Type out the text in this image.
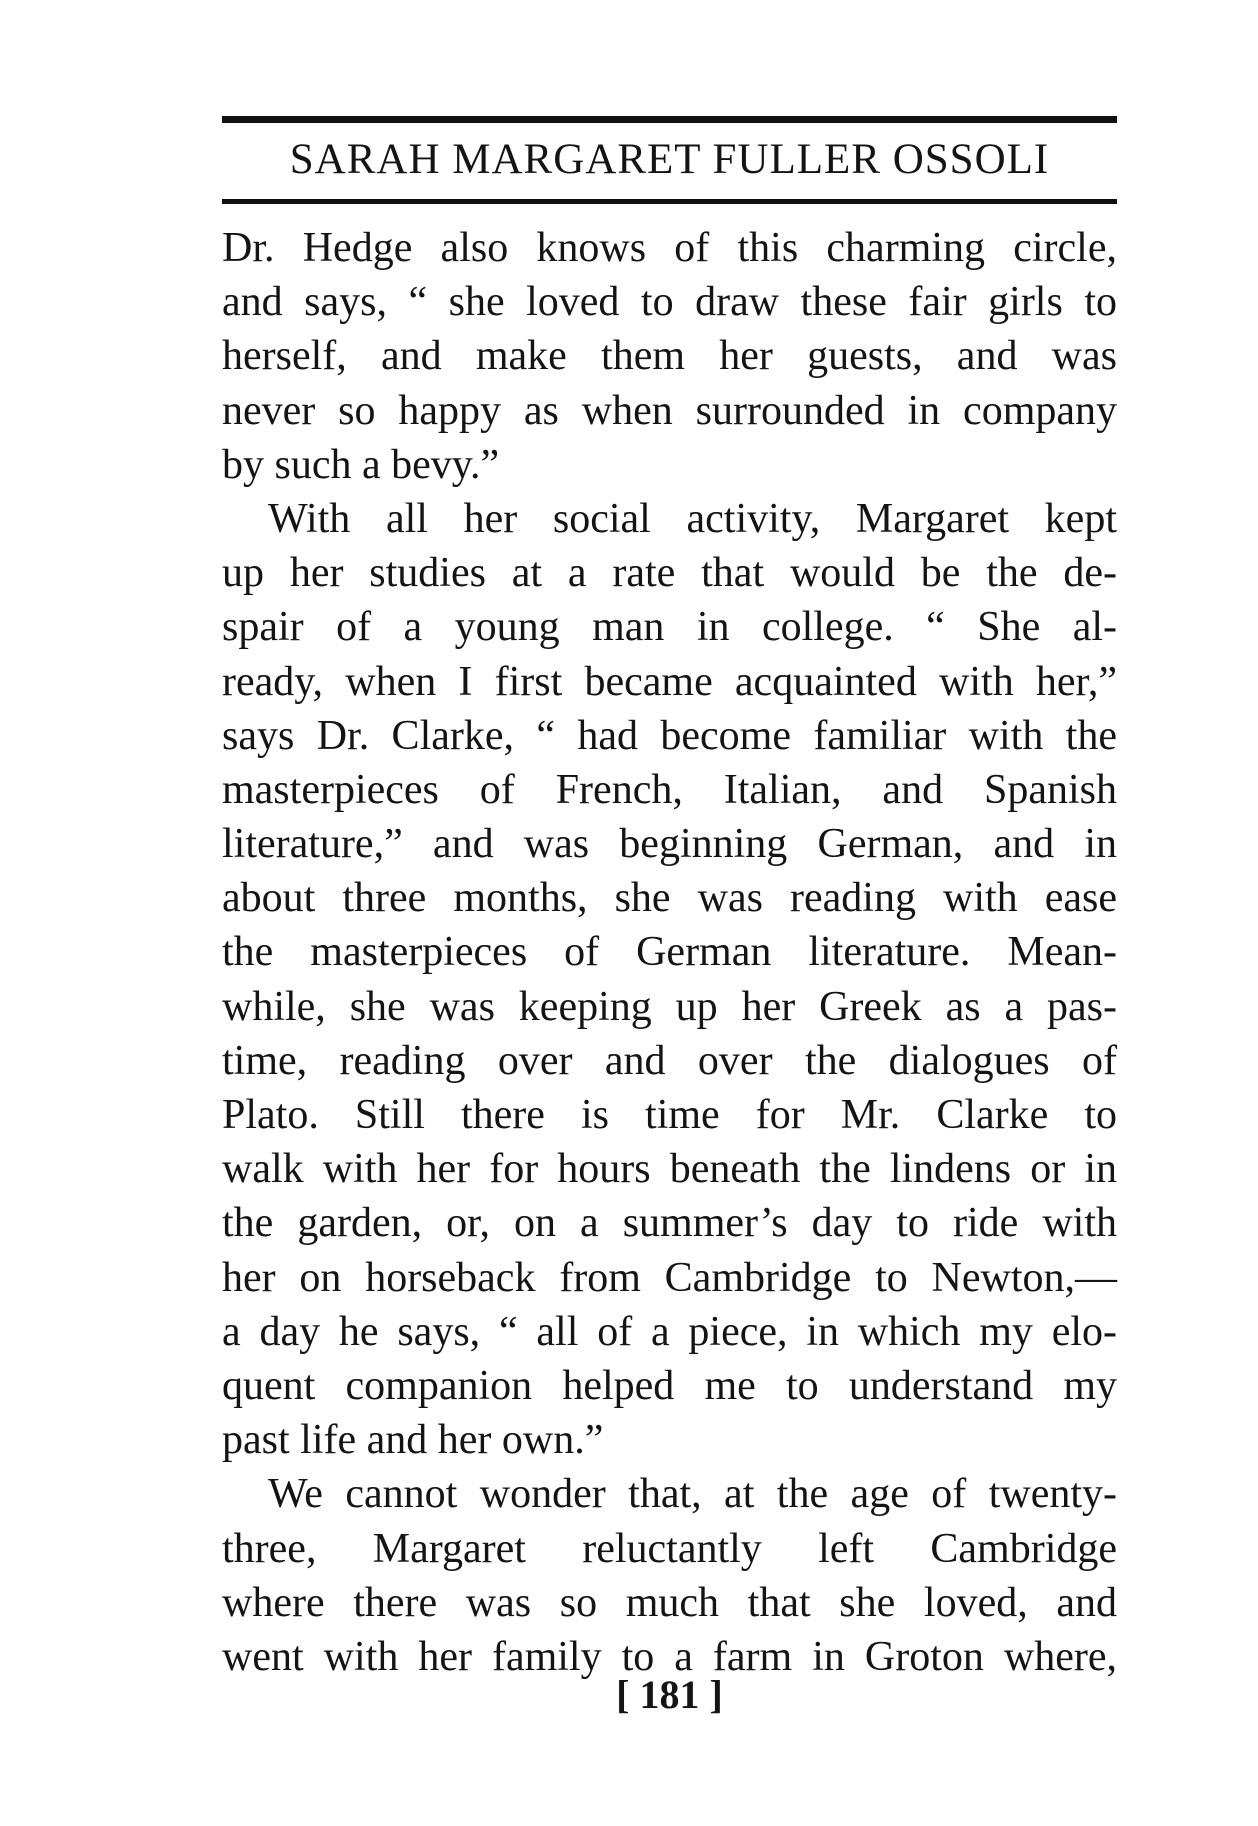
SARAH MARGARET FULLER OSSOLI
Dr. Hedge also knows of this charming circle,
and says, “ she loved to draw these fair girls to
herself, and make them her guests, and was
never so happy as when surrounded in company
by such a bevy.”
With all her social activity, Margaret kept
up her studies at a rate that would be the de-
spair of a young man in college. “ She al-
ready, when I first became acquainted with her,”
says Dr. Clarke, “ had become familiar with the
masterpieces of French, Italian, and Spanish
literature,” and was beginning German, and in
about three months, she was reading with ease
the masterpieces of German literature. Mean-
while, she was keeping up her Greek as a pas-
time, reading over and over the dialogues of
Plato. Still there is time for Mr. Clarke to
walk with her for hours beneath the lindens or in
the garden, or, on a summer’s day to ride with
her on horseback from Cambridge to Newton,—
a day he says, “ all of a piece, in which my elo-
quent companion helped me to understand my
past life and her own.”
We cannot wonder that, at the age of twenty-
three, Margaret reluctantly left Cambridge
where there was so much that she loved, and
went with her family to a farm in Groton where,
[ 181 ]
